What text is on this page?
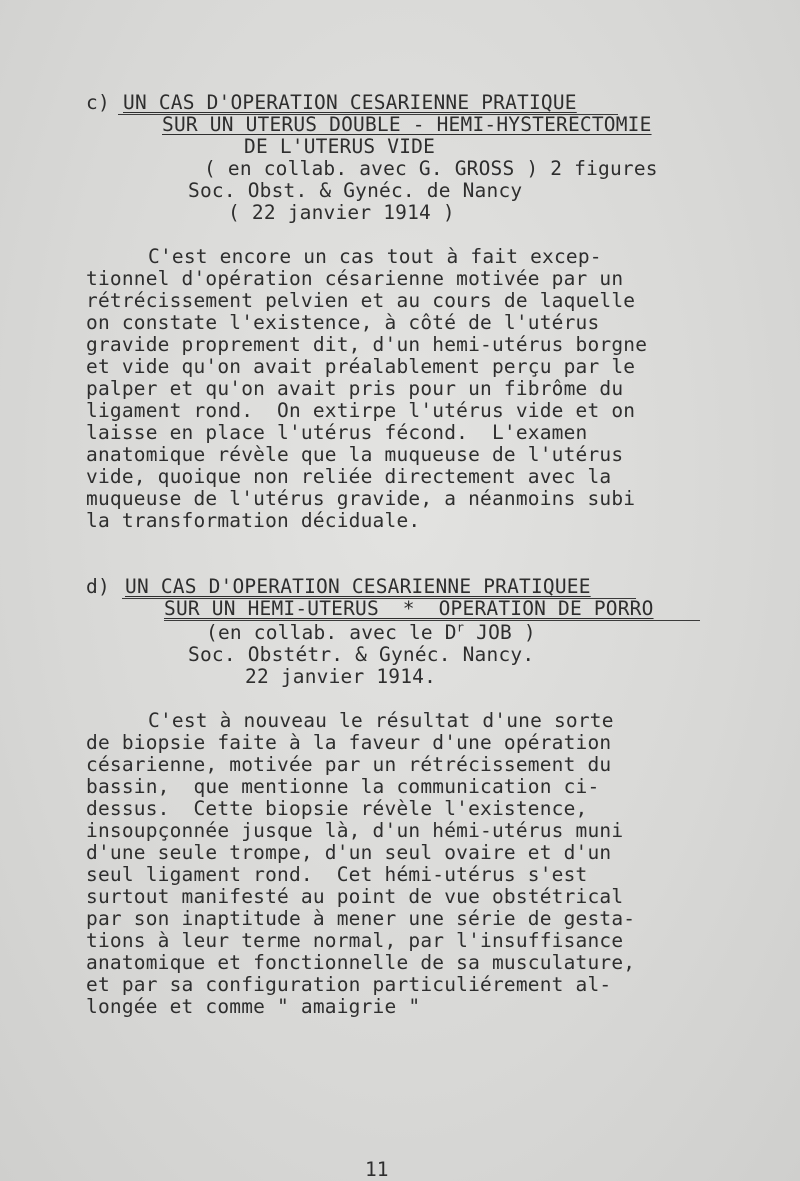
c) UN CAS D'OPERATION CESARIENNE PRATIQUE
SUR UN UTERUS DOUBLE - HEMI-HYSTERECTOMIE
DE L'UTERUS VIDE
( en collab. avec G. GROSS ) 2 figures
Soc. Obst. & Gynéc. de Nancy
( 22 janvier 1914 )
C'est encore un cas tout à fait excep-
tionnel d'opération césarienne motivée par un
rétrécissement pelvien et au cours de laquelle
on constate l'existence, à côté de l'utérus
gravide proprement dit, d'un hemi-utérus borgne
et vide qu'on avait préalablement perçu par le
palper et qu'on avait pris pour un fibrôme du
ligament rond.  On extirpe l'utérus vide et on
laisse en place l'utérus fécond.  L'examen
anatomique révèle que la muqueuse de l'utérus
vide, quoique non reliée directement avec la
muqueuse de l'utérus gravide, a néanmoins subi
la transformation déciduale.
d) UN CAS D'OPERATION CESARIENNE PRATIQUEE
SUR UN HEMI-UTERUS  *  OPERATION DE PORRO
(en collab. avec le $D^r$ JOB )
Soc. Obstétr. & Gynéc. Nancy.
22 janvier 1914.
C'est à nouveau le résultat d'une sorte
de biopsie faite à la faveur d'une opération
césarienne, motivée par un rétrécissement du
bassin,  que mentionne la communication ci-
dessus.  Cette biopsie révèle l'existence,
insoupçonnée jusque là, d'un hémi-utérus muni
d'une seule trompe, d'un seul ovaire et d'un
seul ligament rond.  Cet hémi-utérus s'est
surtout manifesté au point de vue obstétrical
par son inaptitude à mener une série de gesta-
tions à leur terme normal, par l'insuffisance
anatomique et fonctionnelle de sa musculature,
et par sa configuration particuliérement al-
longée et comme " amaigrie "
11
